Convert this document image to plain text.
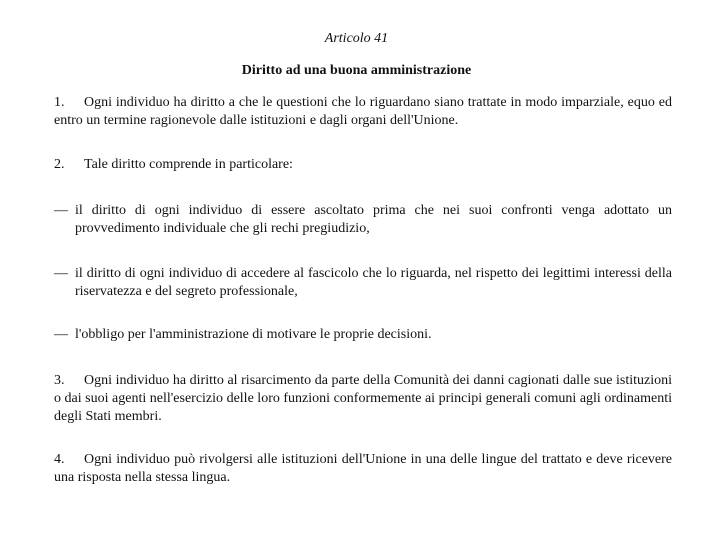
Articolo 41
Diritto ad una buona amministrazione
1. Ogni individuo ha diritto a che le questioni che lo riguardano siano trattate in modo imparziale, equo ed entro un termine ragionevole dalle istituzioni e dagli organi dell'Unione.
2. Tale diritto comprende in particolare:
— il diritto di ogni individuo di essere ascoltato prima che nei suoi confronti venga adottato un provvedimento individuale che gli rechi pregiudizio,
— il diritto di ogni individuo di accedere al fascicolo che lo riguarda, nel rispetto dei legittimi interessi della riservatezza e del segreto professionale,
— l'obbligo per l'amministrazione di motivare le proprie decisioni.
3. Ogni individuo ha diritto al risarcimento da parte della Comunità dei danni cagionati dalle sue istituzioni o dai suoi agenti nell'esercizio delle loro funzioni conformemente ai principi generali comuni agli ordinamenti degli Stati membri.
4. Ogni individuo può rivolgersi alle istituzioni dell'Unione in una delle lingue del trattato e deve ricevere una risposta nella stessa lingua.
